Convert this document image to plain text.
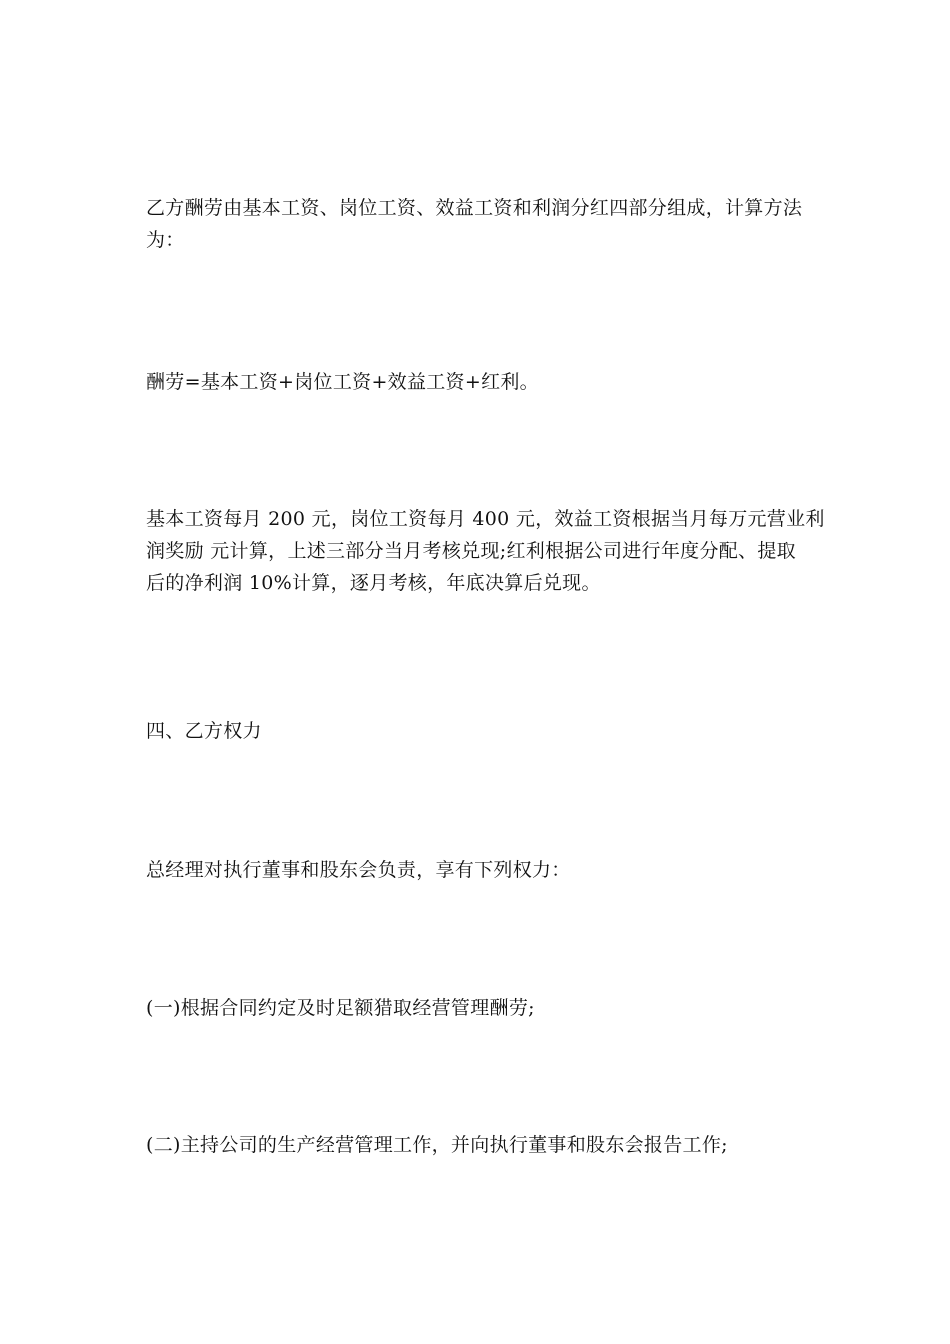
乙方酬劳由基本工资、岗位工资、效益工资和利润分红四部分组成，计算方法
为：

酬劳=基本工资+岗位工资+效益工资+红利。

基本工资每月 200 元，岗位工资每月 400 元，效益工资根据当月每万元营业利
润奖励 元计算，上述三部分当月考核兑现;红利根据公司进行年度分配、提取
后的净利润 10%计算，逐月考核，年底决算后兑现。

四、乙方权力

总经理对执行董事和股东会负责，享有下列权力：

(一)根据合同约定及时足额猎取经营管理酬劳;

(二)主持公司的生产经营管理工作，并向执行董事和股东会报告工作;
